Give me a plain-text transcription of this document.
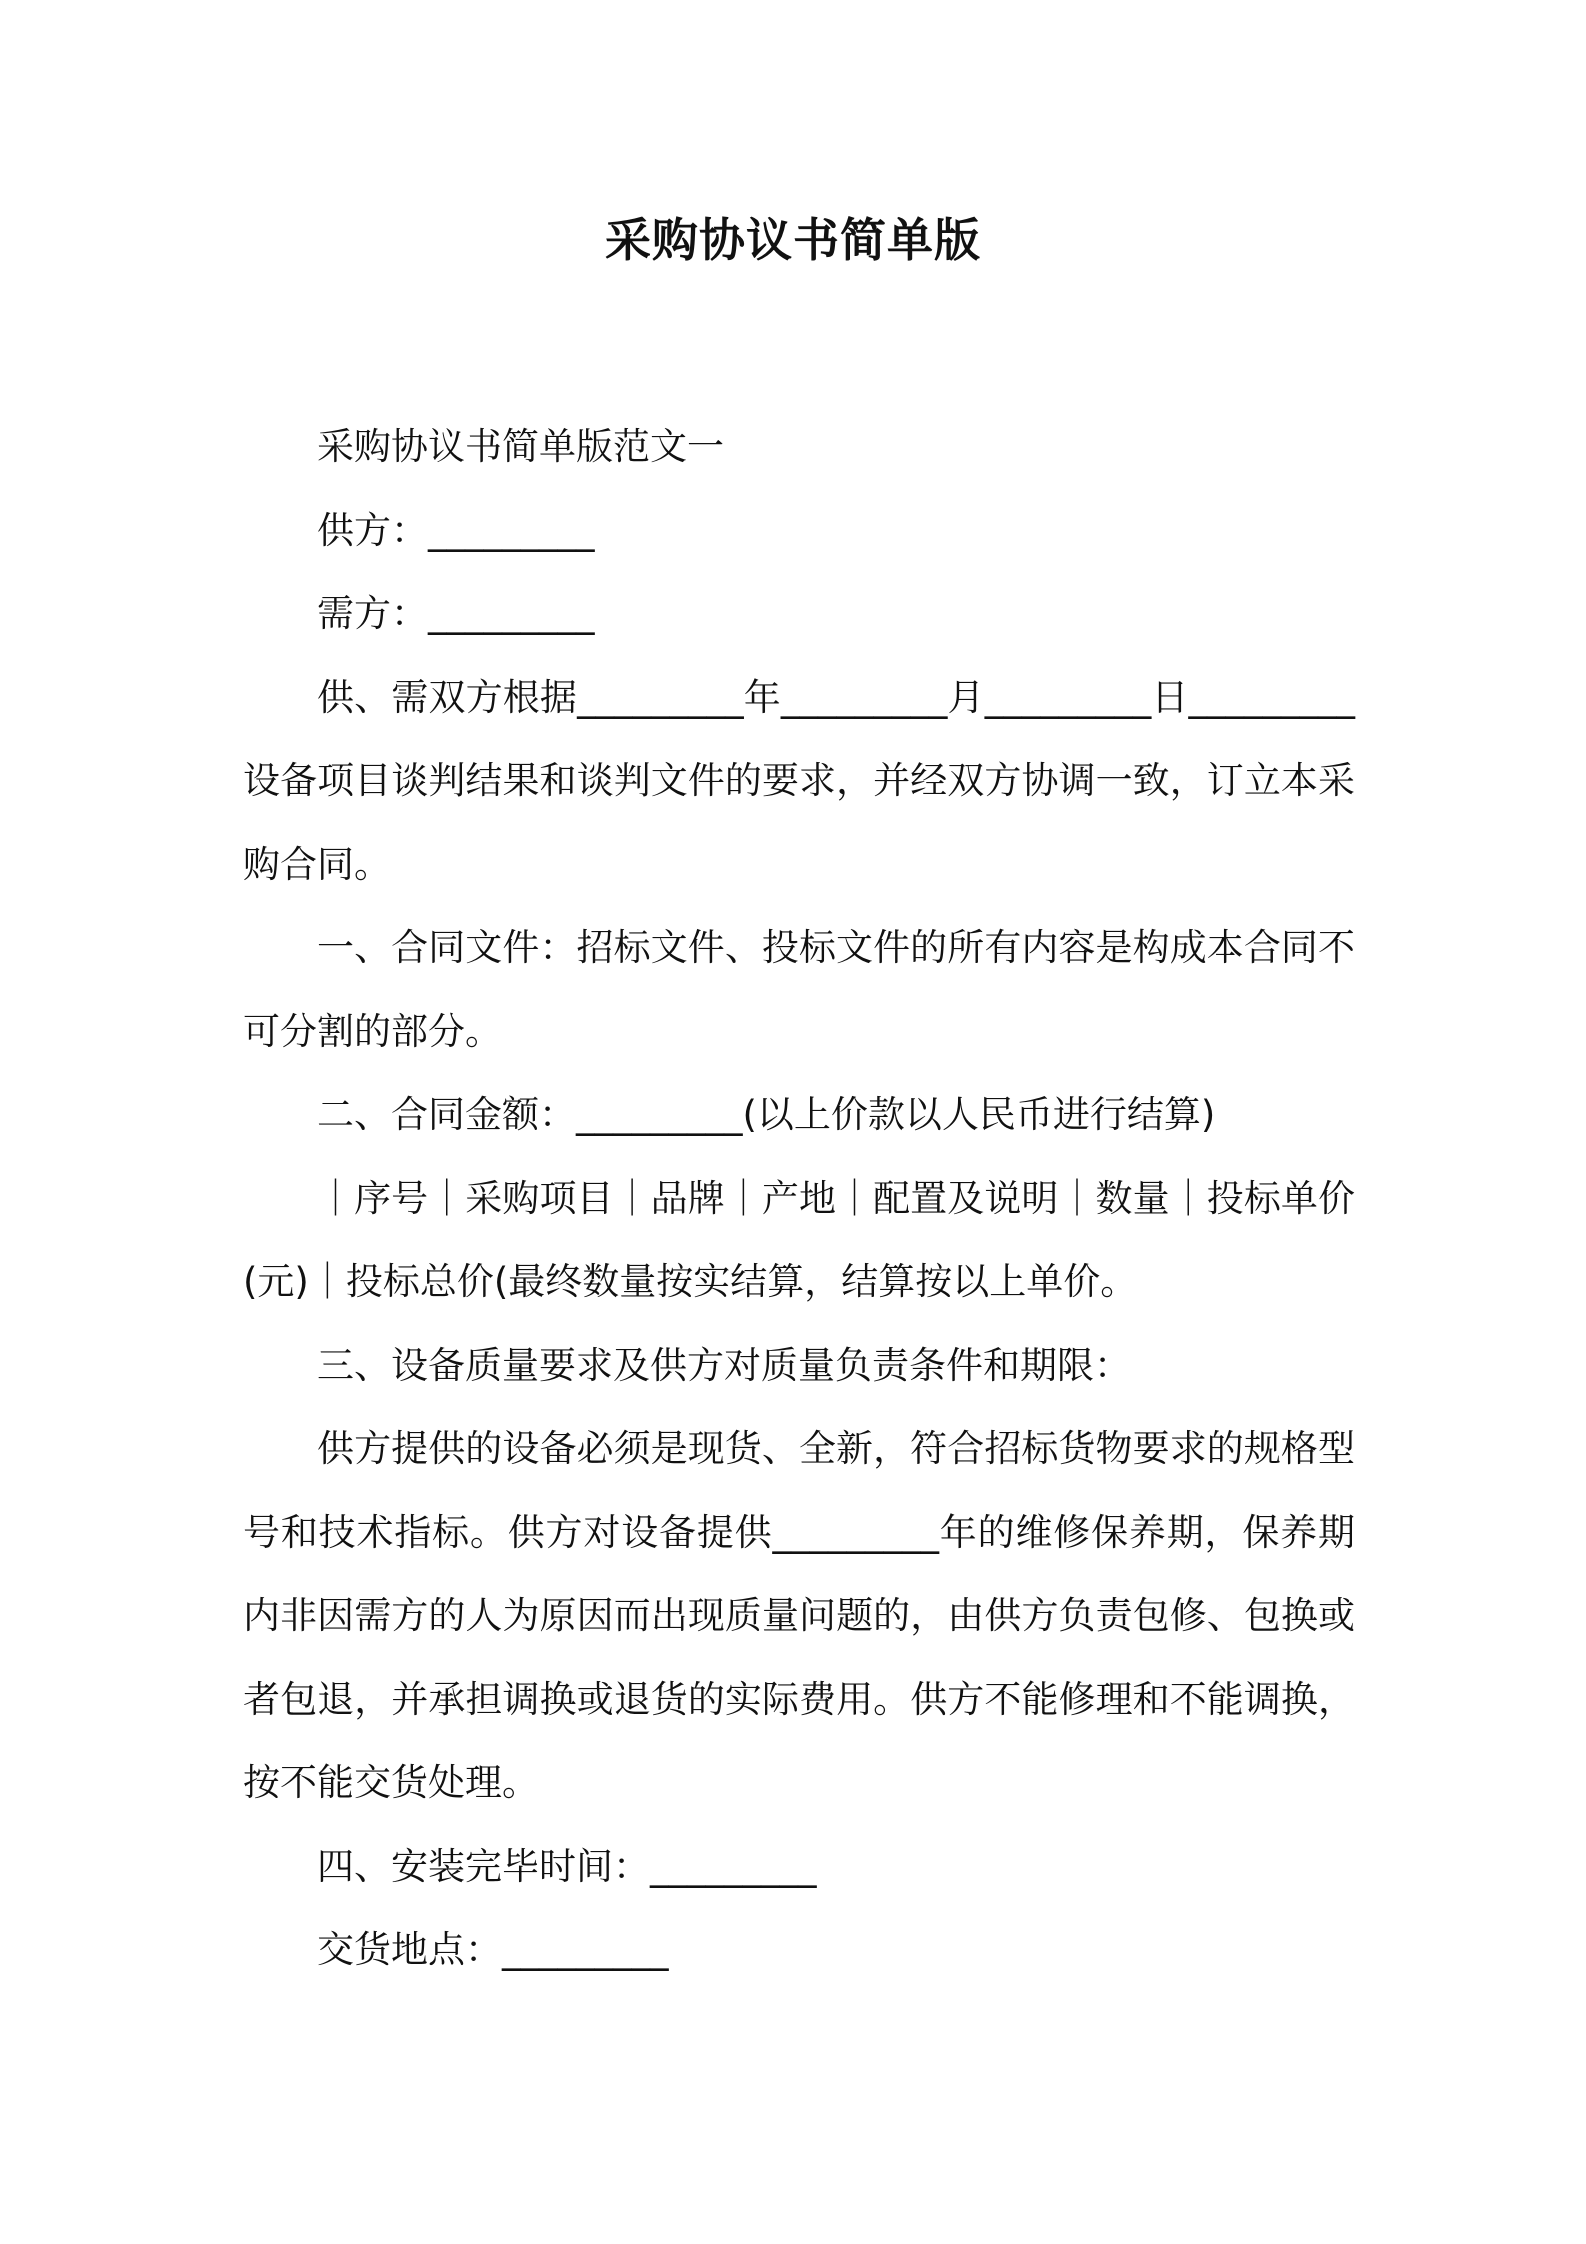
采购协议书简单版

采购协议书简单版范文一

供方：_________

需方：_________

供、需双方根据_________年_________月_________日_________设备项目谈判结果和谈判文件的要求，并经双方协调一致，订立本采购合同。

一、合同文件：招标文件、投标文件的所有内容是构成本合同不可分割的部分。

二、合同金额：_________(以上价款以人民币进行结算)

｜序号｜采购项目｜品牌｜产地｜配置及说明｜数量｜投标单价(元)｜投标总价(最终数量按实结算，结算按以上单价。

三、设备质量要求及供方对质量负责条件和期限：

供方提供的设备必须是现货、全新，符合招标货物要求的规格型号和技术指标。供方对设备提供_________年的维修保养期，保养期内非因需方的人为原因而出现质量问题的，由供方负责包修、包换或者包退，并承担调换或退货的实际费用。供方不能修理和不能调换，按不能交货处理。

四、安装完毕时间：_________

交货地点：_________
